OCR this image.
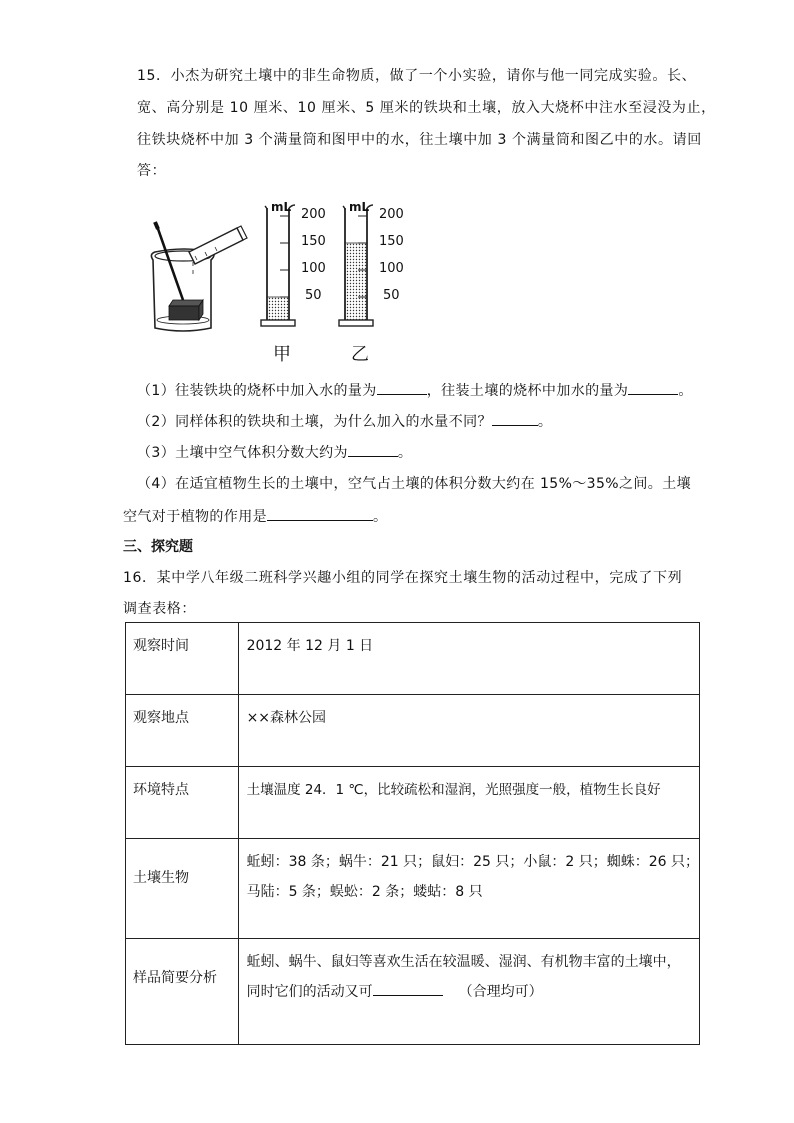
15．小杰为研究土壤中的非生命物质，做了一个小实验，请你与他一同完成实验。长、
宽、高分别是 10 厘米、10 厘米、5 厘米的铁块和土壤，放入大烧杯中注水至浸没为止，
往铁块烧杯中加 3 个满量筒和图甲中的水，往土壤中加 3 个满量筒和图乙中的水。请回
答：
200
150
100
50
200
150
100
50
mL	mL
甲	乙
（1）往装铁块的烧杯中加入水的量为	，往装土壤的烧杯中加水的量为	。
（2）同样体积的铁块和土壤，为什么加入的水量不同？	。
（3）土壤中空气体积分数大约为	。
（4）在适宜植物生长的土壤中，空气占土壤的体积分数大约在 15%～35%之间。土壤
空气对于植物的作用是	。
三、探究题
16．某中学八年级二班科学兴趣小组的同学在探究土壤生物的活动过程中，完成了下列
调查表格：
观察时间	2012 年 12 月 1 日

观察地点	××森林公园

环境特点	土壤温度 24．1 ℃，比较疏松和湿润，光照强度一般，植物生长良好

土壤生物	蚯蚓：38 条；蜗牛：21 只；鼠妇：25 只；小鼠：2 只；蜘蛛：26 只；
马陆：5 条；蜈蚣：2 条；蝼蛄：8 只

样品简要分析	蚯蚓、蜗牛、鼠妇等喜欢生活在较温暖、湿润、有机物丰富的土壤中，
同时它们的活动又可 （合理均可）
